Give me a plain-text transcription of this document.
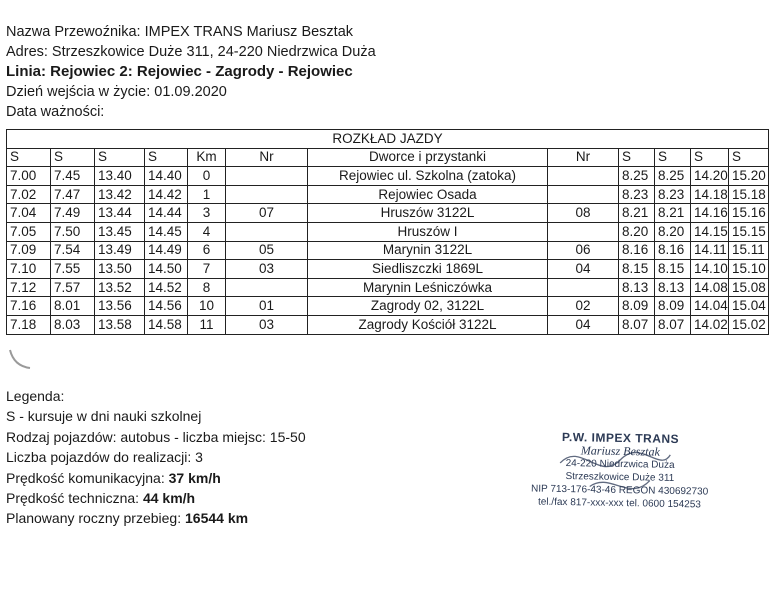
Nazwa Przewoźnika: IMPEX TRANS Mariusz Besztak
Adres: Strzeszkowice Duże 311, 24-220 Niedrzwica Duża
Linia: Rejowiec 2: Rejowiec - Zagrody - Rejowiec
Dzień wejścia w życie: 01.09.2020
Data ważności:
ROZKŁAD JAZDY											
S	S	S	S	Km	Nr	Dworce i przystanki	Nr	S	S	S	S
7.00	7.45	13.40	14.40	0		Rejowiec ul. Szkolna (zatoka)		8.25	8.25	14.20	15.20
7.02	7.47	13.42	14.42	1		Rejowiec Osada		8.23	8.23	14.18	15.18
7.04	7.49	13.44	14.44	3	07	Hruszów 3122L	08	8.21	8.21	14.16	15.16
7.05	7.50	13.45	14.45	4		Hruszów I		8.20	8.20	14.15	15.15
7.09	7.54	13.49	14.49	6	05	Marynin 3122L	06	8.16	8.16	14.11	15.11
7.10	7.55	13.50	14.50	7	03	Siedliszczki 1869L	04	8.15	8.15	14.10	15.10
7.12	7.57	13.52	14.52	8		Marynin Leśniczówka		8.13	8.13	14.08	15.08
7.16	8.01	13.56	14.56	10	01	Zagrody 02, 3122L	02	8.09	8.09	14.04	15.04
7.18	8.03	13.58	14.58	11	03	Zagrody Kościół 3122L	04	8.07	8.07	14.02	15.02
Legenda:
S - kursuje w dni nauki szkolnej
Rodzaj pojazdów: autobus - liczba miejsc: 15-50
Liczba pojazdów do realizacji: 3
Prędkość komunikacyjna: 37 km/h
Prędkość techniczna: 44 km/h
Planowany roczny przebieg: 16544 km
P.W. IMPEX TRANS
Mariusz Besztak
24-220 Niedrzwica Duża
Strzeszkowice Duże 311
NIP 713-176-43-46 REGON 430692730
tel./fax 817-xxx-xxx tel. 0600 154253
